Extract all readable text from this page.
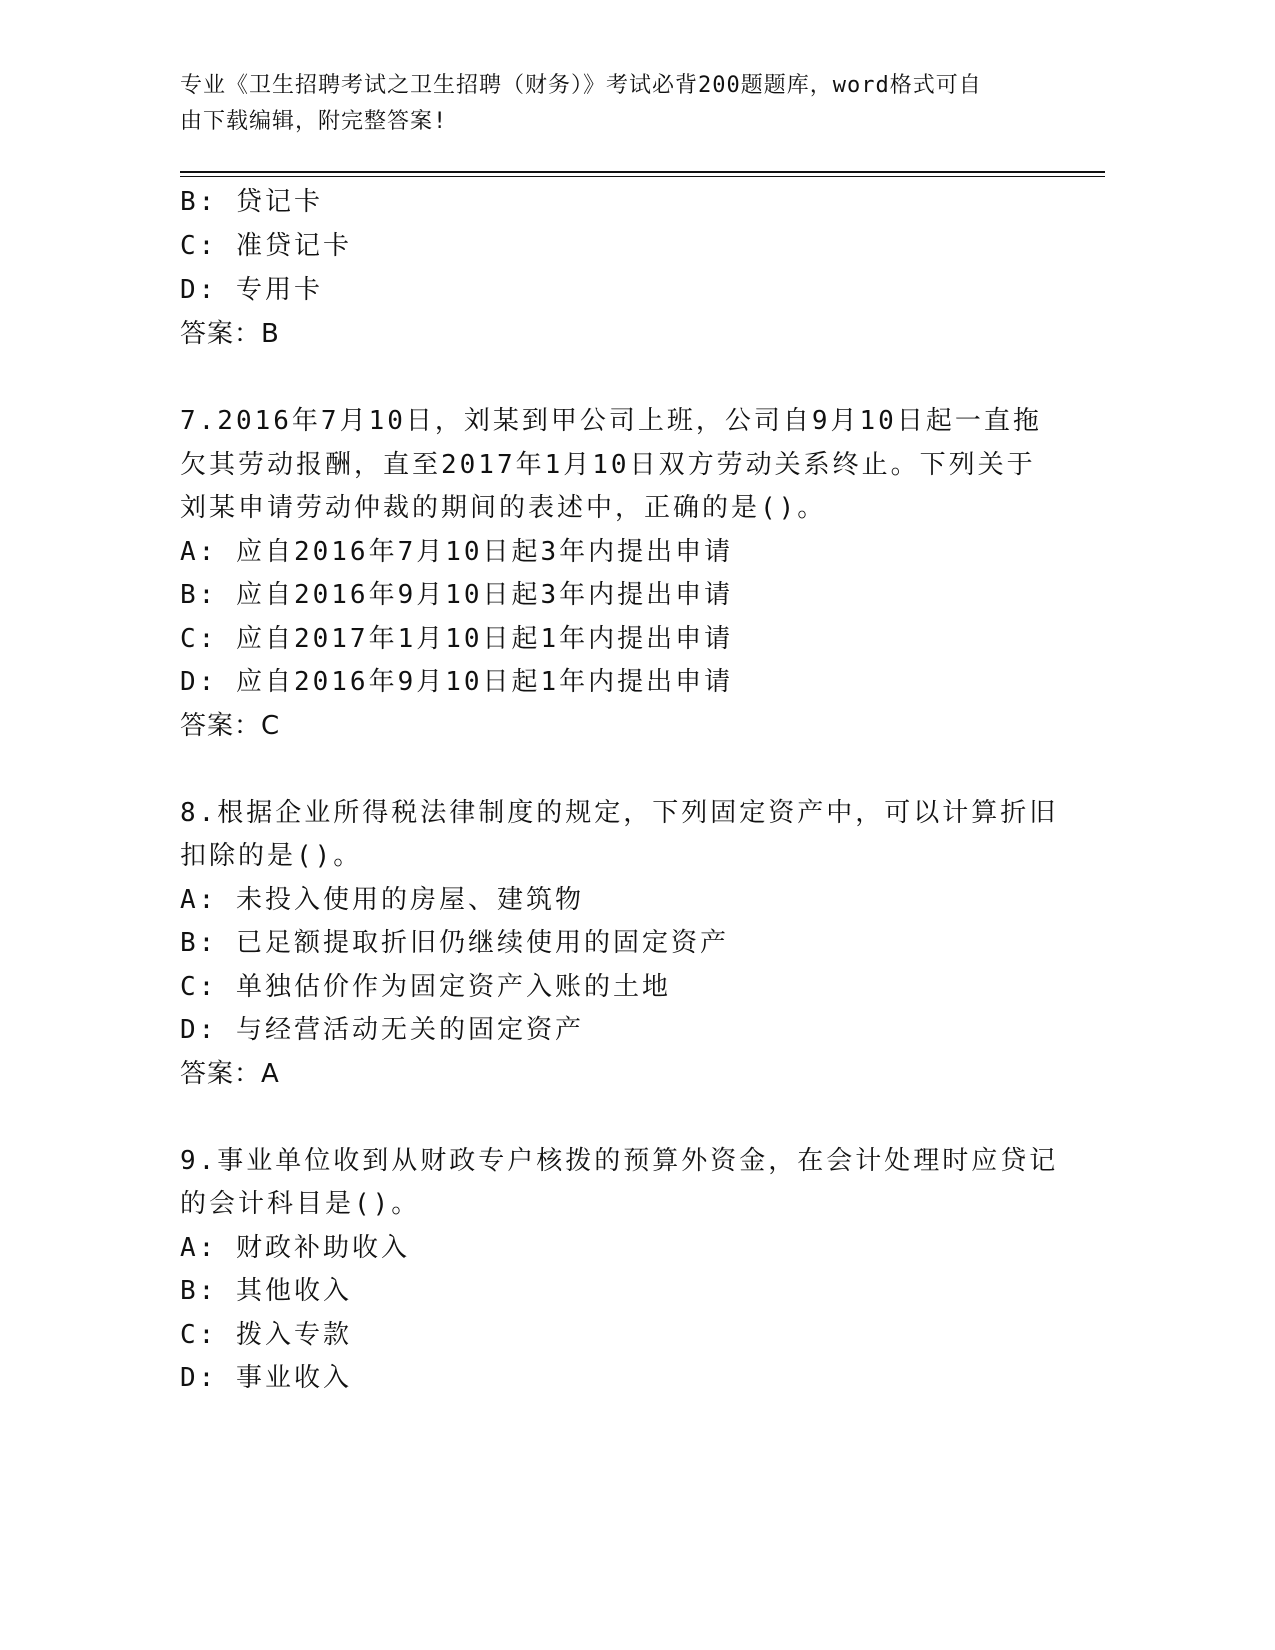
专业《卫生招聘考试之卫生招聘（财务）》考试必背200题题库，word格式可自
由下载编辑，附完整答案!
B: 贷记卡
C: 准贷记卡
D: 专用卡
答案：B
7.2016年7月10日，刘某到甲公司上班，公司自9月10日起一直拖
欠其劳动报酬，直至2017年1月10日双方劳动关系终止。下列关于
刘某申请劳动仲裁的期间的表述中，正确的是()。
A: 应自2016年7月10日起3年内提出申请
B: 应自2016年9月10日起3年内提出申请
C: 应自2017年1月10日起1年内提出申请
D: 应自2016年9月10日起1年内提出申请
答案：C
8.根据企业所得税法律制度的规定，下列固定资产中，可以计算折旧
扣除的是()。
A: 未投入使用的房屋、建筑物
B: 已足额提取折旧仍继续使用的固定资产
C: 单独估价作为固定资产入账的土地
D: 与经营活动无关的固定资产
答案：A
9.事业单位收到从财政专户核拨的预算外资金，在会计处理时应贷记
的会计科目是()。
A: 财政补助收入
B: 其他收入
C: 拨入专款
D: 事业收入
